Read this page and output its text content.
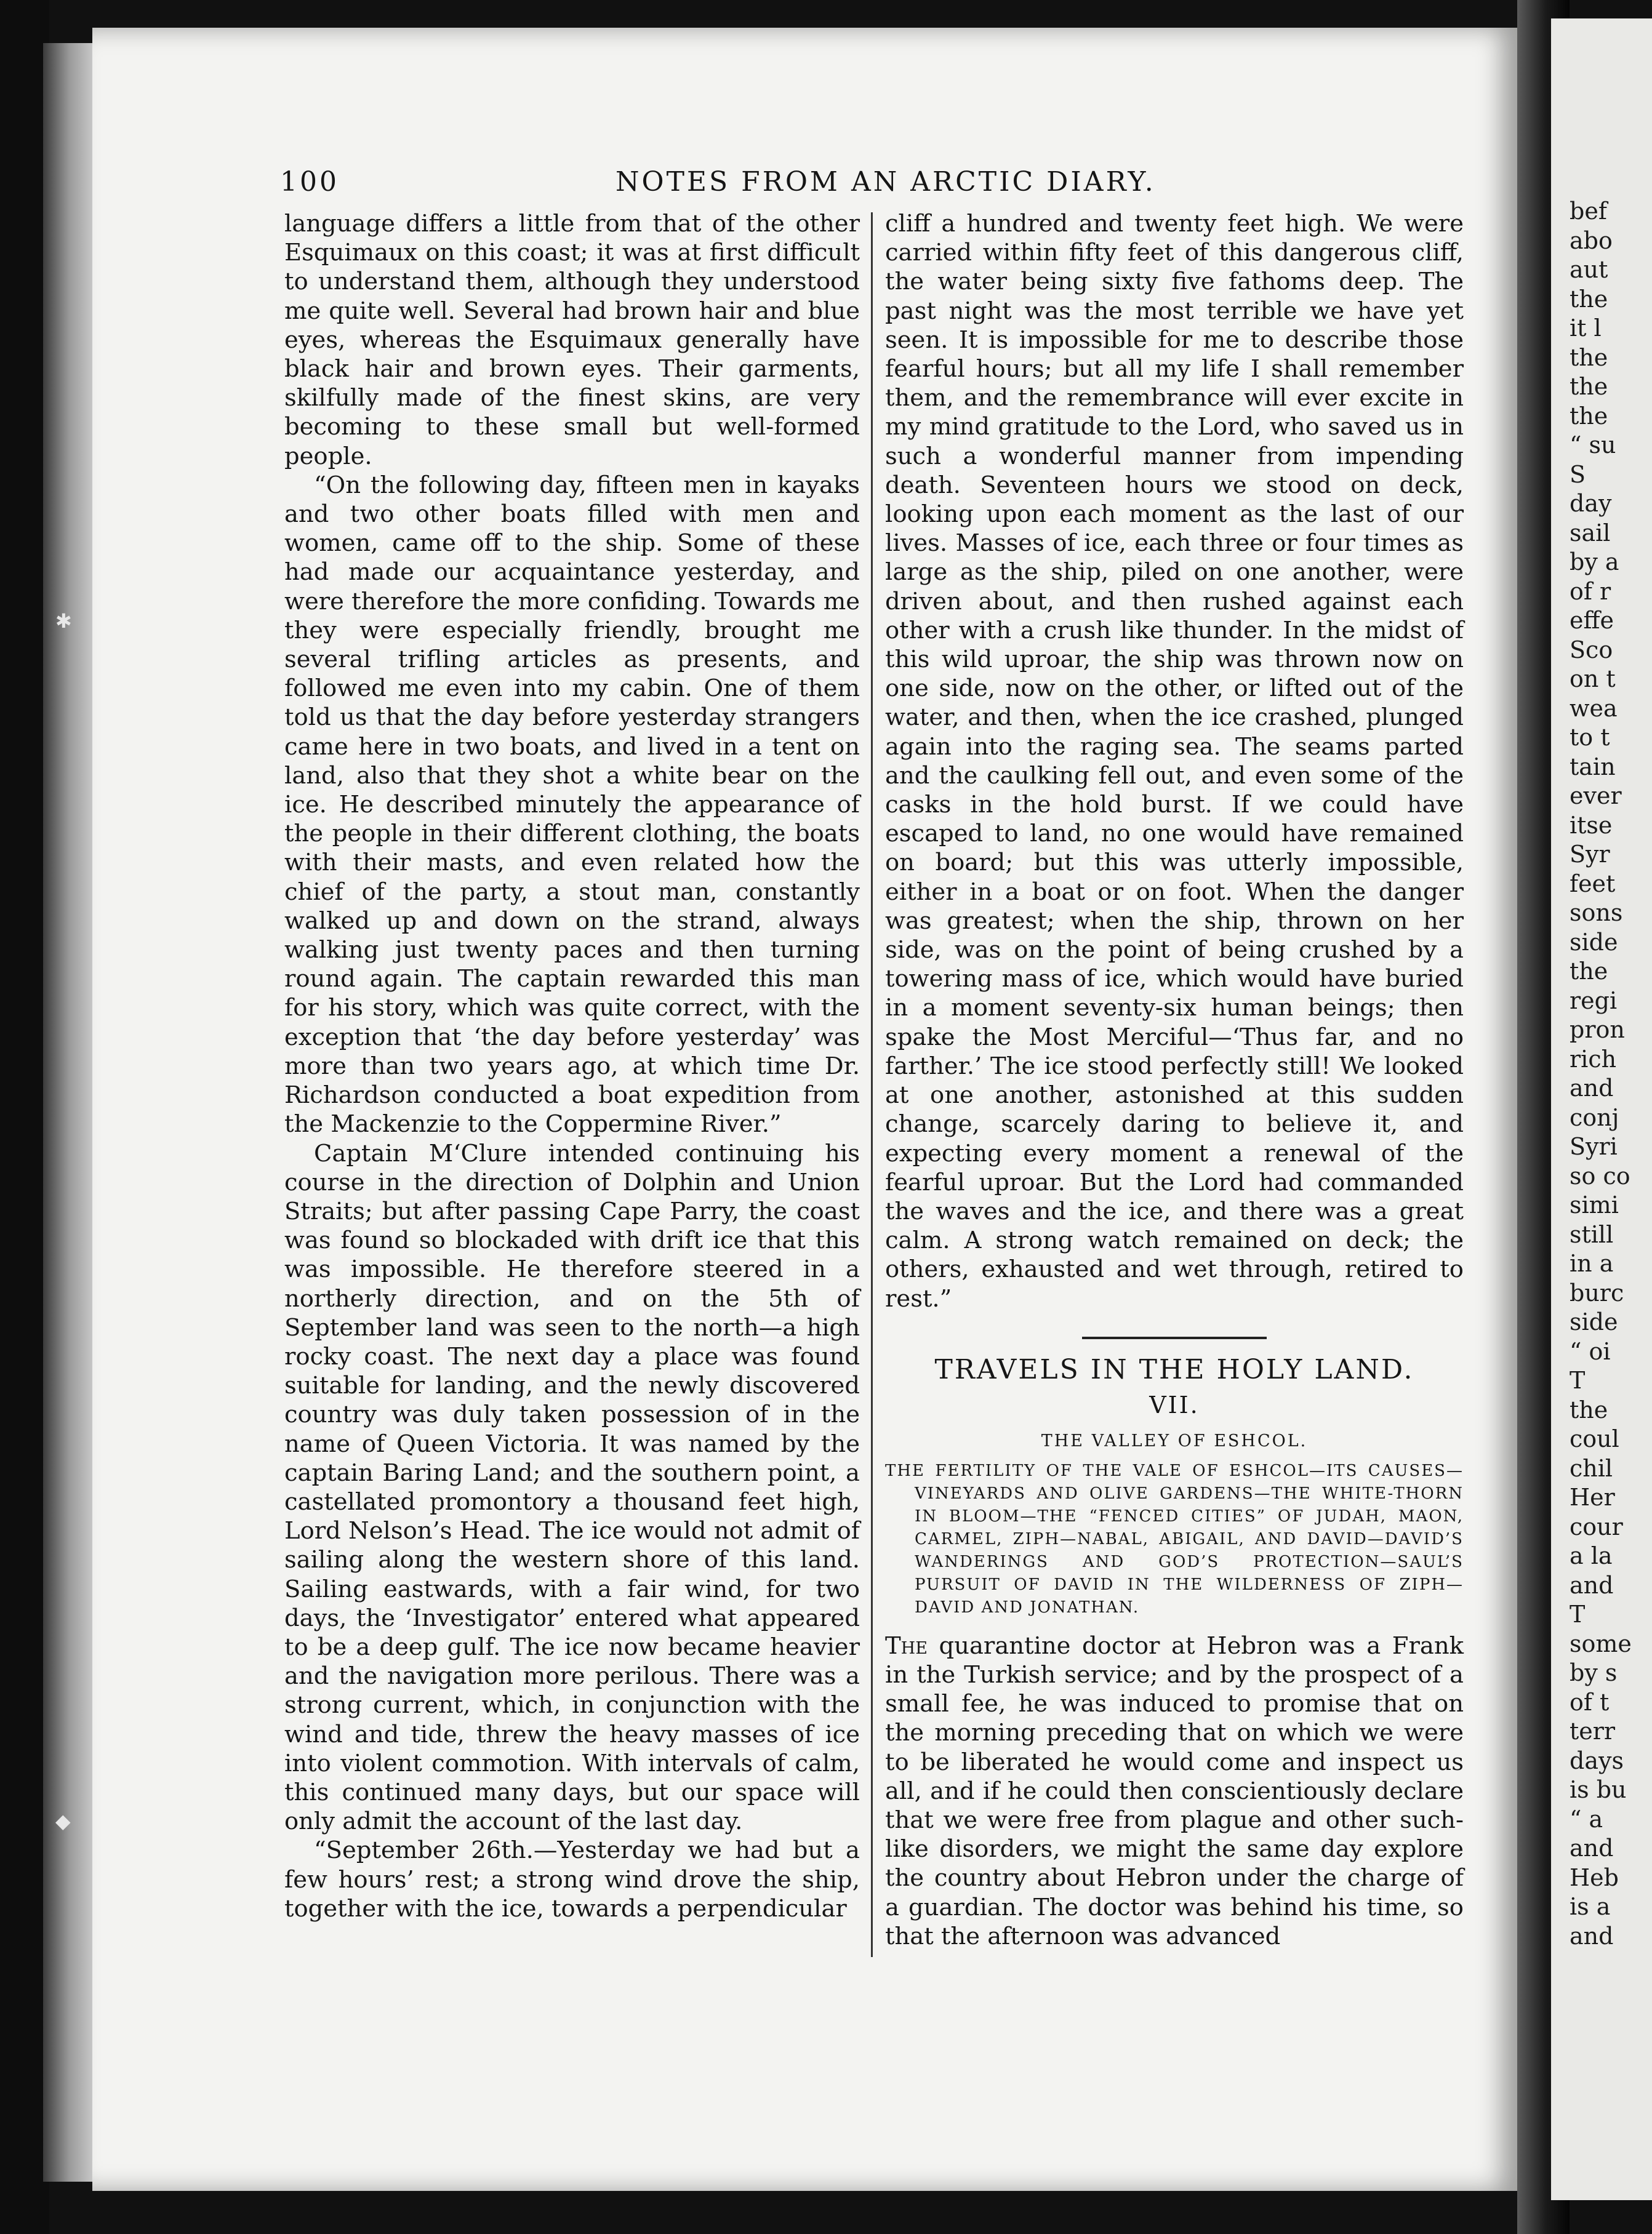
✱
◆
bef
abo
aut
the
it l
the
the
the
“ su
S
day
sail
by a
of r
effe
Sco
on t
wea
to t
tain
ever
itse
Syr
feet
sons
side
the
regi
pron
rich
and
conj
Syri
so co
simi
still
in a
burc
side
“ oi
T
the
coul
chil
Her
cour
a la
and
T
some
by s
of t
terr
days
is bu
“ a
and
Heb
is a
and
100	NOTES FROM AN ARCTIC DIARY.

language differs a little from that of the other Esquimaux on this coast; it was at first difficult to understand them, although they understood me quite well. Several had brown hair and blue eyes, whereas the Esquimaux generally have black hair and brown eyes. Their garments, skilfully made of the finest skins, are very becoming to these small but well-formed people.

“On the following day, fifteen men in kayaks and two other boats filled with men and women, came off to the ship. Some of these had made our acquaintance yesterday, and were therefore the more confiding. Towards me they were especially friendly, brought me several trifling articles as presents, and followed me even into my cabin. One of them told us that the day before yesterday strangers came here in two boats, and lived in a tent on land, also that they shot a white bear on the ice. He described minutely the appearance of the people in their different clothing, the boats with their masts, and even related how the chief of the party, a stout man, constantly walked up and down on the strand, always walking just twenty paces and then turning round again. The captain rewarded this man for his story, which was quite correct, with the exception that ‘the day before yesterday’ was more than two years ago, at which time Dr. Richardson conducted a boat expedition from the Mackenzie to the Coppermine River.”

Captain M‘Clure intended continuing his course in the direction of Dolphin and Union Straits; but after passing Cape Parry, the coast was found so blockaded with drift ice that this was impossible. He therefore steered in a northerly direction, and on the 5th of September land was seen to the north—a high rocky coast. The next day a place was found suitable for landing, and the newly discovered country was duly taken possession of in the name of Queen Victoria. It was named by the captain Baring Land; and the southern point, a castellated promontory a thousand feet high, Lord Nelson’s Head. The ice would not admit of sailing along the western shore of this land. Sailing eastwards, with a fair wind, for two days, the ‘Investigator’ entered what appeared to be a deep gulf. The ice now became heavier and the navigation more perilous. There was a strong current, which, in conjunction with the wind and tide, threw the heavy masses of ice into violent commotion. With intervals of calm, this continued many days, but our space will only admit the account of the last day.

“September 26th.—Yesterday we had but a few hours’ rest; a strong wind drove the ship, together with the ice, towards a perpendicular

cliff a hundred and twenty feet high. We were carried within fifty feet of this dangerous cliff, the water being sixty five fathoms deep. The past night was the most terrible we have yet seen. It is impossible for me to describe those fearful hours; but all my life I shall remember them, and the remembrance will ever excite in my mind gratitude to the Lord, who saved us in such a wonderful manner from impending death. Seventeen hours we stood on deck, looking upon each moment as the last of our lives. Masses of ice, each three or four times as large as the ship, piled on one another, were driven about, and then rushed against each other with a crush like thunder. In the midst of this wild uproar, the ship was thrown now on one side, now on the other, or lifted out of the water, and then, when the ice crashed, plunged again into the raging sea. The seams parted and the caulking fell out, and even some of the casks in the hold burst. If we could have escaped to land, no one would have remained on board; but this was utterly impossible, either in a boat or on foot. When the danger was greatest; when the ship, thrown on her side, was on the point of being crushed by a towering mass of ice, which would have buried in a moment seventy-six human beings; then spake the Most Merciful—‘Thus far, and no farther.’ The ice stood perfectly still! We looked at one another, astonished at this sudden change, scarcely daring to believe it, and expecting every moment a renewal of the fearful uproar. But the Lord had commanded the waves and the ice, and there was a great calm. A strong watch remained on deck; the others, exhausted and wet through, retired to rest.”

TRAVELS IN THE HOLY LAND.
VII.
THE VALLEY OF ESHCOL.
THE FERTILITY OF THE VALE OF ESHCOL—ITS CAUSES—VINEYARDS AND OLIVE GARDENS—THE WHITE-THORN IN BLOOM—THE “FENCED CITIES” OF JUDAH, MAON, CARMEL, ZIPH—NABAL, ABIGAIL, AND DAVID—DAVID’S WANDERINGS AND GOD’S PROTECTION—SAUL’S PURSUIT OF DAVID IN THE WILDERNESS OF ZIPH—DAVID AND JONATHAN.

The quarantine doctor at Hebron was a Frank in the Turkish service; and by the prospect of a small fee, he was induced to promise that on the morning preceding that on which we were to be liberated he would come and inspect us all, and if he could then conscientiously declare that we were free from plague and other such-like disorders, we might the same day explore the country about Hebron under the charge of a guardian. The doctor was behind his time, so that the afternoon was advanced
